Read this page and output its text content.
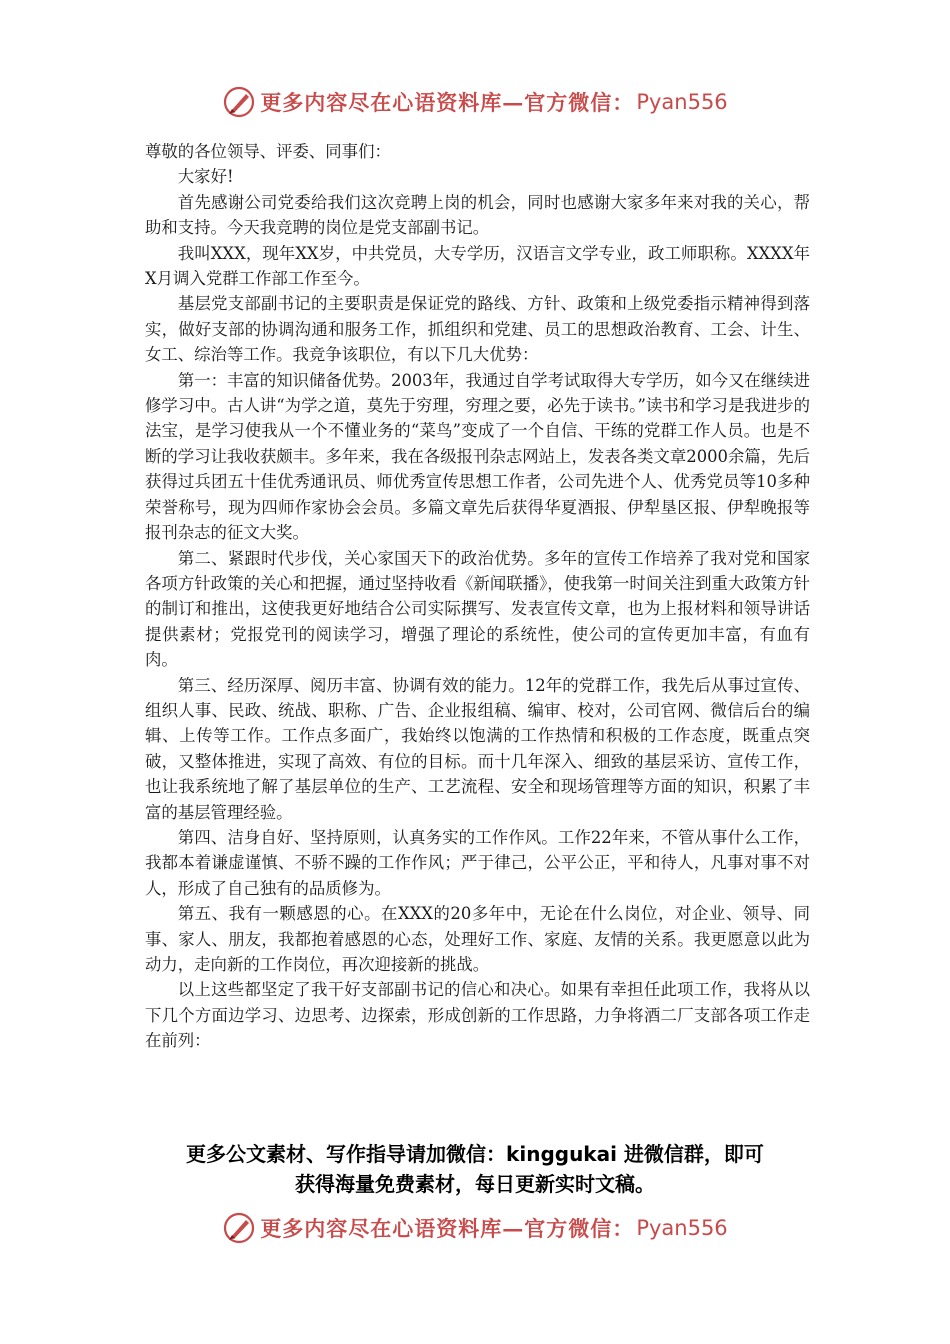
更多内容尽在心语资料库—官方微信： Pyan556

尊敬的各位领导、评委、同事们：

大家好!

首先感谢公司党委给我们这次竞聘上岗的机会，同时也感谢大家多年来对我的关心，帮助和支持。今天我竞聘的岗位是党支部副书记。

我叫XXX，现年XX岁，中共党员，大专学历，汉语言文学专业，政工师职称。XXXX年X月调入党群工作部工作至今。

基层党支部副书记的主要职责是保证党的路线、方针、政策和上级党委指示精神得到落实，做好支部的协调沟通和服务工作，抓组织和党建、员工的思想政治教育、工会、计生、女工、综治等工作。我竞争该职位，有以下几大优势：

第一：丰富的知识储备优势。2003年，我通过自学考试取得大专学历，如今又在继续进修学习中。古人讲“为学之道，莫先于穷理，穷理之要，必先于读书。”读书和学习是我进步的法宝，是学习使我从一个不懂业务的“菜鸟”变成了一个自信、干练的党群工作人员。也是不断的学习让我收获颇丰。多年来，我在各级报刊杂志网站上，发表各类文章2000余篇，先后获得过兵团五十佳优秀通讯员、师优秀宣传思想工作者，公司先进个人、优秀党员等10多种荣誉称号，现为四师作家协会会员。多篇文章先后获得华夏酒报、伊犁垦区报、伊犁晚报等报刊杂志的征文大奖。

第二、紧跟时代步伐，关心家国天下的政治优势。多年的宣传工作培养了我对党和国家各项方针政策的关心和把握，通过坚持收看《新闻联播》，使我第一时间关注到重大政策方针的制订和推出，这使我更好地结合公司实际撰写、发表宣传文章，也为上报材料和领导讲话提供素材；党报党刊的阅读学习，增强了理论的系统性，使公司的宣传更加丰富，有血有肉。

第三、经历深厚、阅历丰富、协调有效的能力。12年的党群工作，我先后从事过宣传、组织人事、民政、统战、职称、广告、企业报组稿、编审、校对，公司官网、微信后台的编辑、上传等工作。工作点多面广，我始终以饱满的工作热情和积极的工作态度，既重点突破，又整体推进，实现了高效、有位的目标。而十几年深入、细致的基层采访、宣传工作，也让我系统地了解了基层单位的生产、工艺流程、安全和现场管理等方面的知识，积累了丰富的基层管理经验。

第四、洁身自好、坚持原则，认真务实的工作作风。工作22年来，不管从事什么工作，我都本着谦虚谨慎、不骄不躁的工作作风；严于律己，公平公正，平和待人，凡事对事不对人，形成了自己独有的品质修为。

第五、我有一颗感恩的心。在XXX的20多年中，无论在什么岗位，对企业、领导、同事、家人、朋友，我都抱着感恩的心态，处理好工作、家庭、友情的关系。我更愿意以此为动力，走向新的工作岗位，再次迎接新的挑战。

以上这些都坚定了我干好支部副书记的信心和决心。如果有幸担任此项工作，我将从以下几个方面边学习、边思考、边探索，形成创新的工作思路，力争将酒二厂支部各项工作走在前列：

更多公文素材、写作指导请加微信：kinggukai 进微信群，即可
获得海量免费素材，每日更新实时文稿。
更多内容尽在心语资料库—官方微信： Pyan556
